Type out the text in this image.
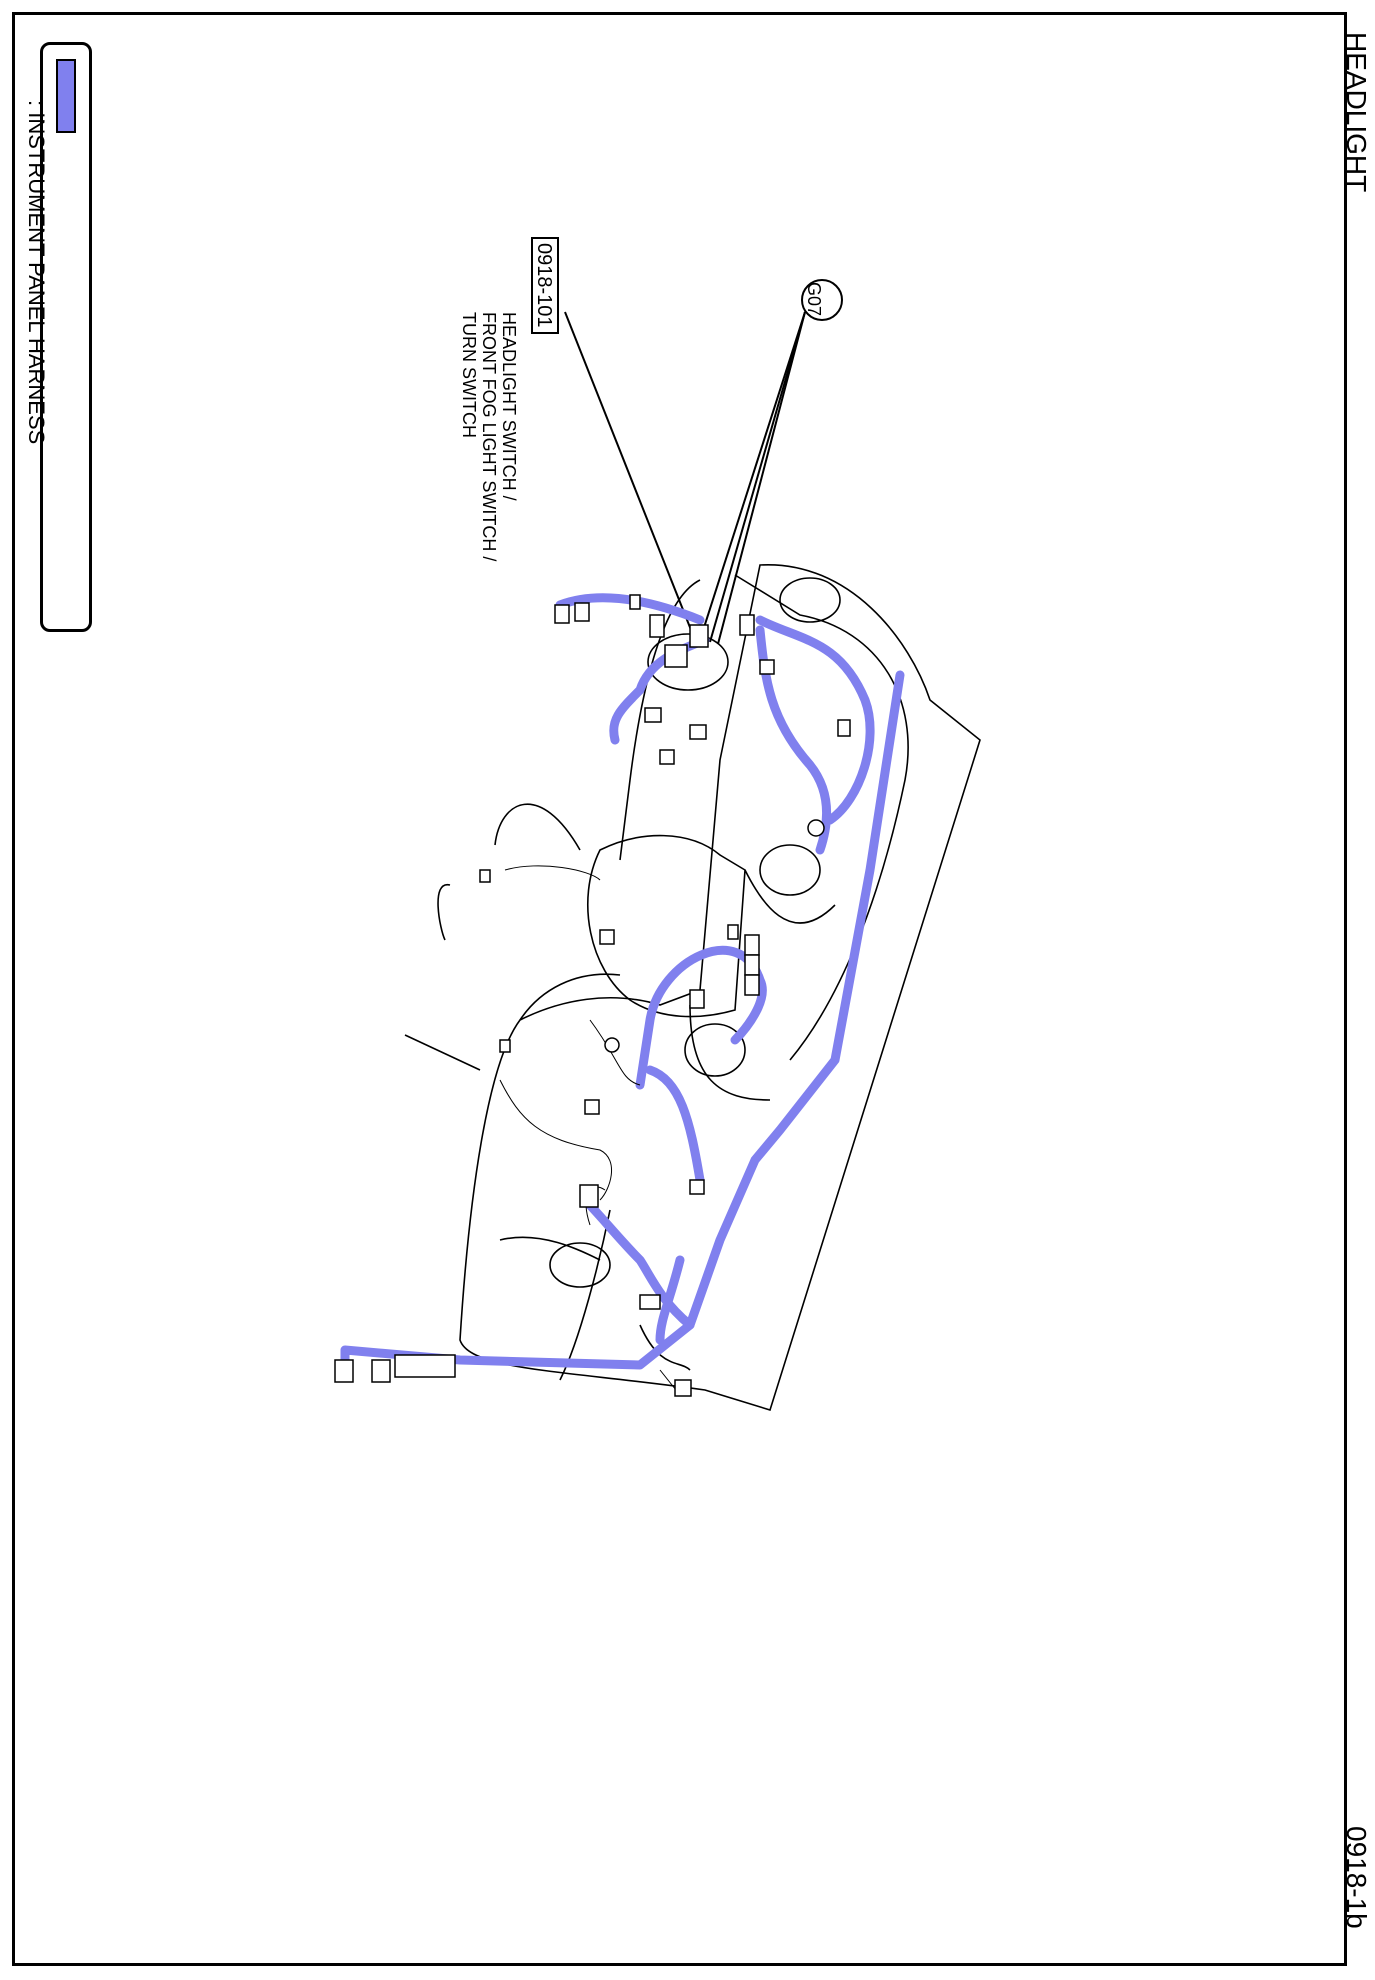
HEADLIGHT
0918-1b
: INSTRUMENT PANEL HARNESS	0918-101
HEADLIGHT SWITCH /
FRONT FOG LIGHT SWITCH /
TURN SWITCH
G07
